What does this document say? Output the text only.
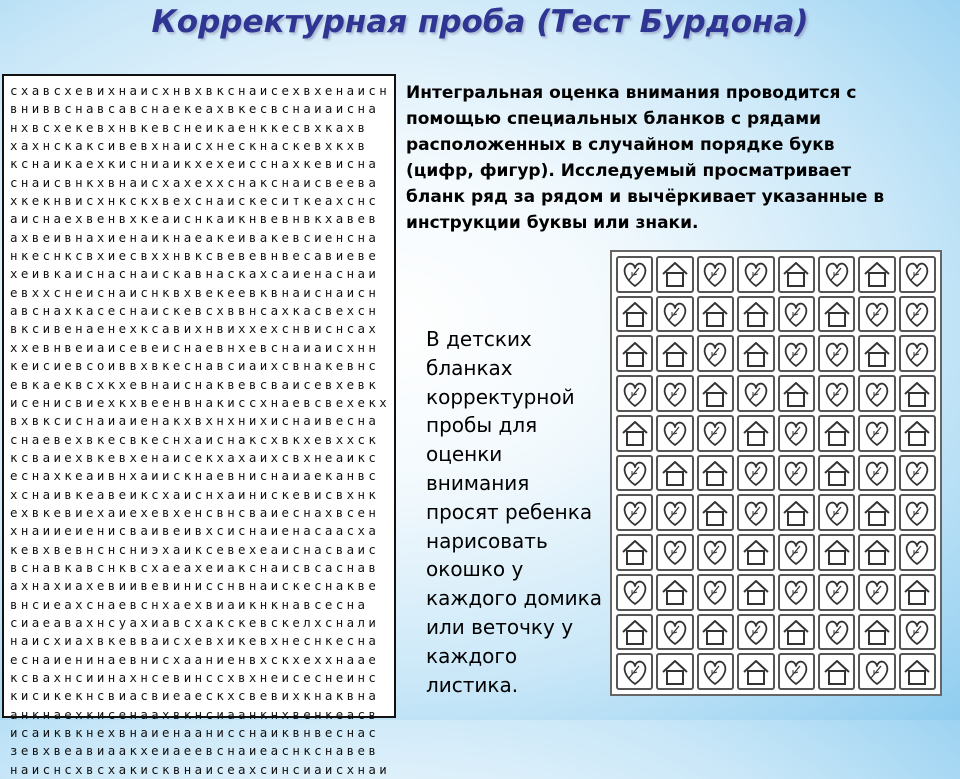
Корректурная проба (Тест Бурдона)
схавсхевихнаисхнвхвкснаисехвхенаисн
вниввснавсавснаекеахвкесвснаиаисна
нхвсхекевхнвкевснеикаенккесвхкахв
хахнскаксивевхнаисхнескнаскевхкхв
кснаикаехкисниаикхехеисснахкевисна
снаисвнкхвнаисхахеххснакснаисвеева
хкекнвисхнкскхвехснаискеситкеахснс
аиснаехвенвхкеаиснкаикнвевнвкхавев
ахвеивнахиенаикнаеакеивакевсиенсна
нкеснксвхиесвххнвксвевевнвесавиеве
хеивкаиснаснаискавнаскахсаиенаснаи
евххснеиснаиснквхвекеевквнаиснаисн
авснахкасеснаискевсхввнсахкасвехсн
вксивенаенехксавихнвиххехснвиснсах
ххевнвеиаисевеиснаевнхевснаиаисхнн
кеисиевсоиввхвкеснавсиаихсвнакевнс
евкаеквсхкхевнаиснаквевсваисевхевк
исенисвиехкхвеенвнакиссхнаевсвехекх
вхвксиснаиаиенакхвхнхнихиснаивесна
снаевехвкесвкеснхаиснаксхвкхевххск
ксваиехвкевхенаисекхахаихсвхнеаикс
еснахкеаивнхаиискнаевниснаиаеканвс
хснаивкеавеиксхаиснхаинискевисвхнк
ехвкевиехаиехевхенсвнсваиеснахвсен
хнаииеиенисваивеивхсиснаиенасаасха
кевхвевнснсниэхаиксевехеаиснасваис
вснавкавснквсхаеахеиакснаисвсаснав
ахнахиахевиивевинисснвнаискеснакве
внсиеахснаевснхаехвиаикнкнавсесна
сиаеавахнсуахиавсхакскевскелхснали
наисхиахвкевваисхевхикевхнеснкесна
еснаиенинаевнисхааниенвхскхеххнаае
ксвахнсиинахнсевинссхвхнеисеснеинс
кисикекнсвиасвиеаескхсвевихкнаквна
анкнаехкисенаахвкнсиаанкнхвенкеасв
исаиквкнехвнаиенаанисснаиквнвеснас
зевхвеавиаакхеиаеевснаиеаснкснавев
наиснсхвсхакисквнаисеахсинсиаисхнаи
Интегральная оценка внимания проводится с
помощью специальных бланков с рядами
расположенных в случайном порядке букв
(цифр, фигур). Исследуемый просматривает
бланк ряд за рядом и вычёркивает указанные в
инструкции буквы или знаки.
В детских
бланках
корректурной
пробы для
оценки
внимания
просят ребенка
нарисовать
окошко у
каждого домика
или веточку у
каждого
листика.
